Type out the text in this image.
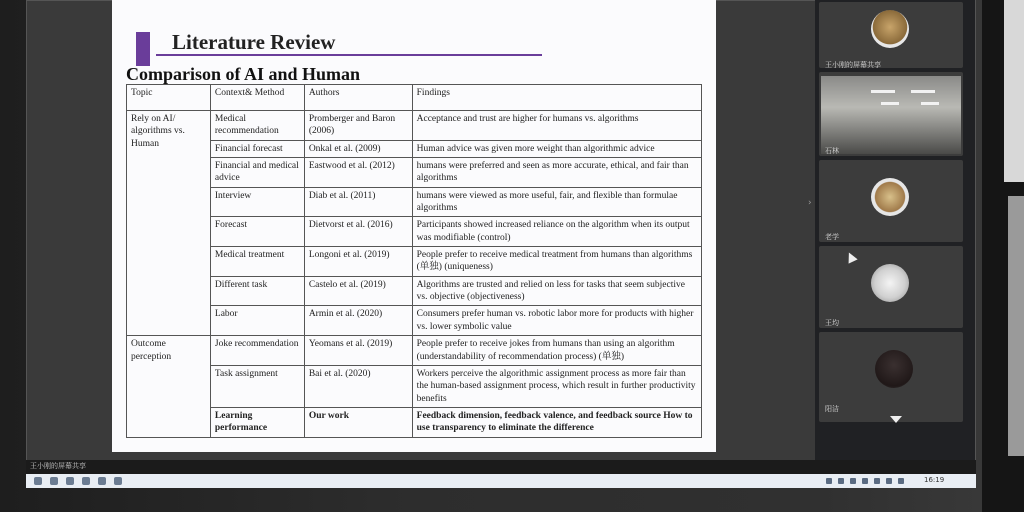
Literature Review
Comparison of AI and Human
Topic	Context& Method	Authors	Findings
Rely on AI/ algorithms vs. Human	Medical recommendation	Promberger and Baron (2006)	Acceptance and trust are higher for humans vs. algorithms
	Financial forecast	Onkal et al. (2009)	Human advice was given more weight than algorithmic advice
	Financial and medical advice	Eastwood et al. (2012)	humans were preferred and seen as more accurate, ethical, and fair than algorithms
	Interview	Diab et al. (2011)	humans were viewed as more useful, fair, and flexible than formulae algorithms
	Forecast	Dietvorst et al. (2016)	Participants showed increased reliance on the algorithm when its output was modifiable (control)
	Medical treatment	Longoni et al. (2019)	People prefer to receive medical treatment from humans than algorithms (单独) (uniqueness)
	Different task	Castelo et al. (2019)	Algorithms are trusted and relied on less for tasks that seem subjective vs. objective (objectiveness)
	Labor	Armin et al. (2020)	Consumers prefer human vs. robotic labor more for products with higher vs. lower symbolic value
Outcome perception	Joke recommendation	Yeomans et al. (2019)	People prefer to receive jokes from humans than using an algorithm (understandability of recommendation process) (单独)
	Task assignment	Bai et al. (2020)	Workers perceive the algorithmic assignment process as more fair than the human-based assignment process, which result in further productivity benefits
	Learning performance	Our work	Feedback dimension, feedback valence, and feedback source How to use transparency to eliminate the difference
王小刚的屏幕共享
石林
老学
王均
阳洁
›
王小刚的屏幕共享
16:19
